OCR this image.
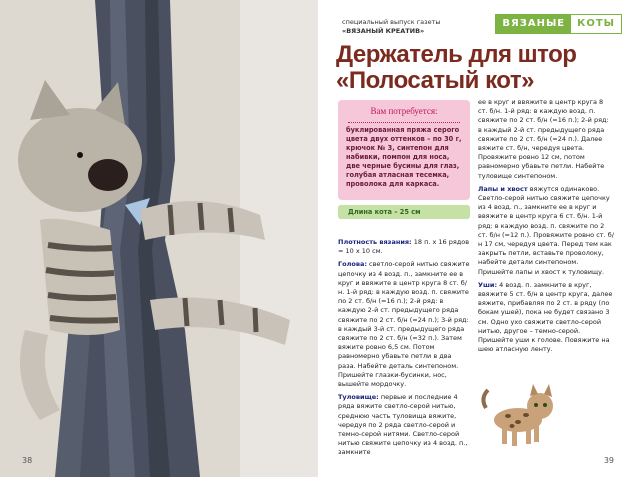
38
специальный выпуск газеты
«ВЯЗАНЫЙ КРЕАТИВ»
ВЯЗАНЫЕ	КОТЫ
Держатель для штор
«Полосатый кот»
Вам потребуется:
буклированная пряжа серого цвета двух оттенков – по 30 г, крючок № 3, синтепон для набивки, помпон для носа, две черные бусины для глаз, голубая атласная тесемка, проволока для каркаса.
Длина кота – 25 см

Плотность вязания: 18 п. х 16 рядов = 10 х 10 см.

Голова: светло-серой нитью свяжите цепочку из 4 возд. п., замкните ее в круг и ввяжите в центр круга 8 ст. б/н. 1-й ряд: в каждую возд. п. свяжите по 2 ст. б/н (=16 п.); 2-й ряд: в каждую 2-й ст. предыдущего ряда свяжите по 2 ст. б/н (=24 п.); 3-й ряд: в каждый 3-й ст. предыдущего ряда свяжите по 2 ст. б/н (=32 п.). Затем вяжите ровно 6,5 см. Потом равномерно убавьте петли в два раза. Набейте деталь синтепоном. Пришейте глазки-бусинки, нос, вышейте мордочку.

Туловище: первые и последние 4 ряда вяжите светло-серой нитью, среднюю часть туловища вяжите, чередуя по 2 ряда светло-серой и темно-серой нитями. Светло-серой нитью свяжите цепочку из 4 возд. п., замкните

ее в круг и ввяжите в центр круга 8 ст. б/н. 1-й ряд: в каждую возд. п. свяжите по 2 ст. б/н (=16 п.); 2-й ряд: в каждый 2-й ст. предыдущего ряда свяжите по 2 ст. б/н (=24 п.). Далее вяжите ст. б/н, чередуя цвета. Провяжите ровно 12 см, потом равномерно убавьте петли. Набейте туловище синтепоном.

Лапы и хвост вяжутся одинаково. Светло-серой нитью свяжите цепочку из 4 возд. п., замкните ее в круг и ввяжите в центр круга 6 ст. б/н. 1-й ряд: в каждую возд. п. свяжите по 2 ст. б/н (=12 п.). Провяжите ровно ст. б/н 17 см, чередуя цвета. Перед тем как закрыть петли, вставьте проволоку, набейте детали синтепоном. Пришейте лапы и хвост к туловищу.

Уши: 4 возд. п. замкните в круг, ввяжите 5 ст. б/н в центр круга, далее вяжите, прибавляя по 2 ст. в ряду (по бокам ушей), пока не будет связано 3 см. Одно ухо свяжите светло-серой нитью, другое – темно-серой. Пришейте уши к голове. Повяжите на шею атласную ленту.

39
